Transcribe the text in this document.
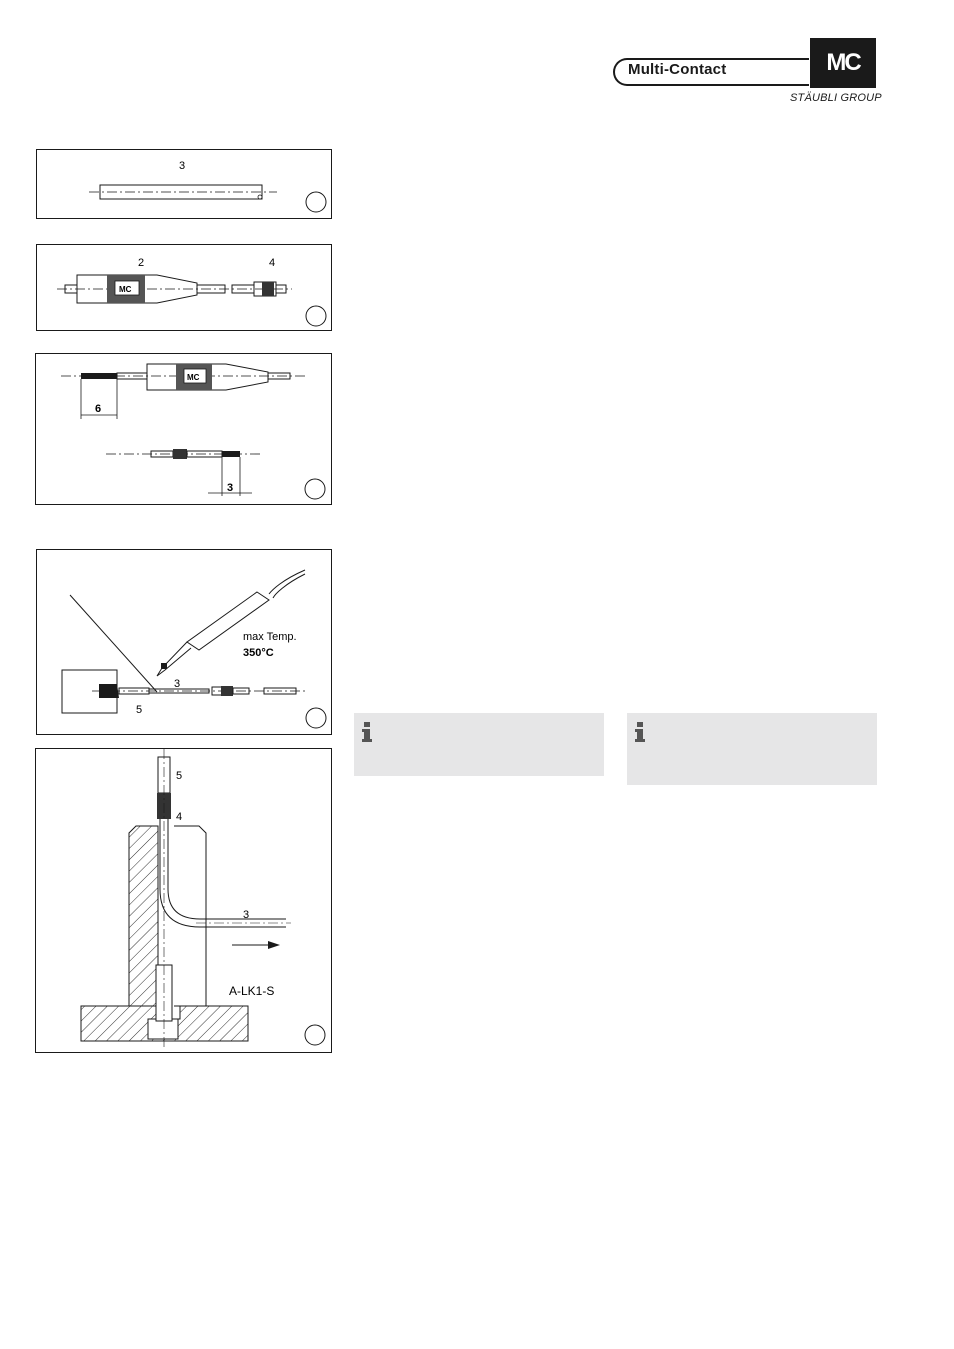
Multi-Contact	MC
STÄUBLI GROUP
3
MC
2	4
MC
6
3
max Temp.
350°C
3
5
5
4
3
A-LK1-S
